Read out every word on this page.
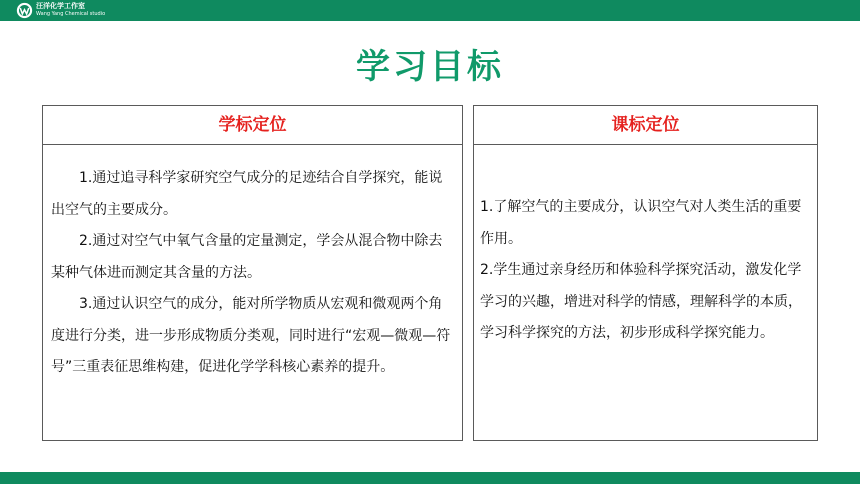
汪洋化学工作室
Wang Yang Chemical studio
学习目标
学标定位

1.通过追寻科学家研究空气成分的足迹结合自学探究，能说出空气的主要成分。

2.通过对空气中氧气含量的定量测定，学会从混合物中除去某种气体进而测定其含量的方法。

3.通过认识空气的成分，能对所学物质从宏观和微观两个角度进行分类，进一步形成物质分类观，同时进行“宏观—微观—符号”三重表征思维构建，促进化学学科核心素养的提升。

课标定位

1.了解空气的主要成分，认识空气对人类生活的重要作用。

2.学生通过亲身经历和体验科学探究活动，激发化学学习的兴趣，增进对科学的情感，理解科学的本质，学习科学探究的方法，初步形成科学探究能力。
